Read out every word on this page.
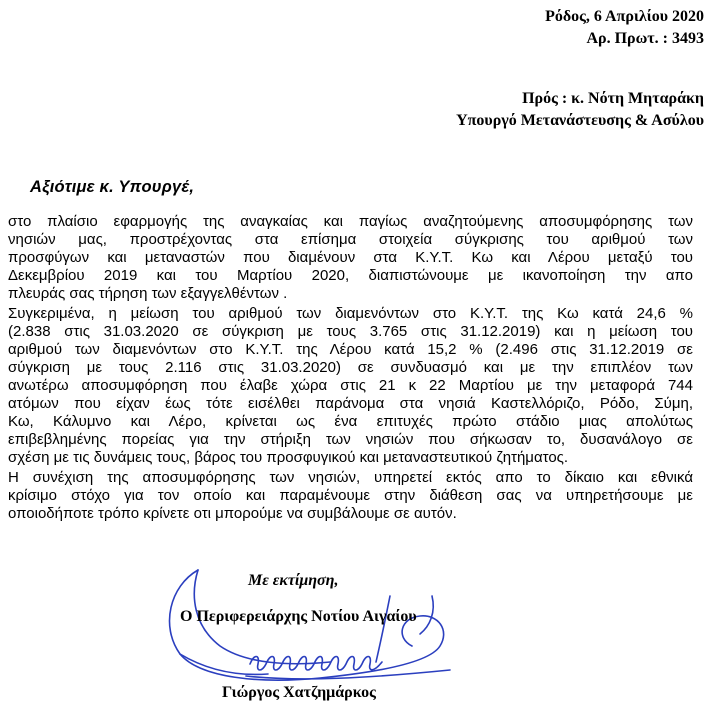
Ρόδος, 6 Απριλίου 2020
Αρ. Πρωτ. : 3493
Πρός : κ. Νότη Μηταράκη
Υπουργό Μετανάστευσης & Ασύλου
Αξιότιμε κ. Υπουργέ,
στο πλαίσιο εφαρμογής της αναγκαίας και παγίως αναζητούμενης αποσυμφόρησης των
νησιών μας, προστρέχοντας στα επίσημα στοιχεία σύγκρισης του αριθμού των
προσφύγων και μεταναστών που διαμένουν στα Κ.Υ.Τ. Κω και Λέρου μεταξύ του
Δεκεμβρίου 2019 και του Μαρτίου 2020, διαπιστώνουμε με ικανοποίηση την απο
πλευράς σας τήρηση των εξαγγελθέντων .
Συγκεριμένα, η μείωση του αριθμού των διαμενόντων στο Κ.Υ.Τ. της Κω κατά 24,6 %
(2.838 στις 31.03.2020 σε σύγκριση με τους 3.765 στις 31.12.2019) και η μείωση του
αριθμού των διαμενόντων στο Κ.Υ.Τ. της Λέρου κατά 15,2 % (2.496 στις 31.12.2019 σε
σύγκριση με τους 2.116 στις 31.03.2020) σε συνδυασμό και με την επιπλέον των
ανωτέρω αποσυμφόρηση που έλαβε χώρα στις 21 κ 22 Μαρτίου με την μεταφορά 744
ατόμων που είχαν έως τότε εισέλθει παράνομα στα νησιά Καστελλόριζο, Ρόδο, Σύμη,
Κω, Κάλυμνο και Λέρο, κρίνεται ως ένα επιτυχές πρώτο στάδιο μιας απολύτως
επιβεβλημένης πορείας για την στήριξη των νησιών που σήκωσαν το, δυσανάλογο σε
σχέση με τις δυνάμεις τους, βάρος του προσφυγικού και μεταναστευτικού ζητήματος.
Η συνέχιση της αποσυμφόρησης των νησιών, υπηρετεί εκτός απο το δίκαιο και εθνικά
κρίσιμο στόχο για τον οποίο και παραμένουμε στην διάθεση σας να υπηρετήσουμε με
οποιοδήποτε τρόπο κρίνετε οτι μπορούμε να συμβάλουμε σε αυτόν.
Με εκτίμηση,
Ο Περιφερειάρχης Νοτίου Αιγαίου
Γιώργος Χατζημάρκος
